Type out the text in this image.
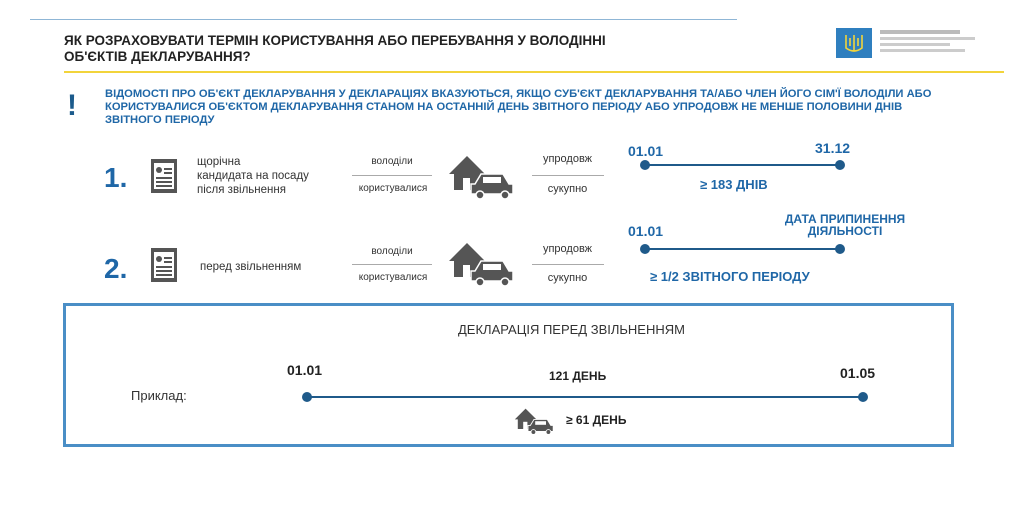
ЯК РОЗРАХОВУВАТИ ТЕРМІН КОРИСТУВАННЯ АБО ПЕРЕБУВАННЯ У ВОЛОДІННІ
ОБ'ЄКТІВ ДЕКЛАРУВАННЯ?
!	ВІДОМОСТІ ПРО ОБ'ЄКТ ДЕКЛАРУВАННЯ У ДЕКЛАРАЦІЯХ ВКАЗУЮТЬСЯ, ЯКЩО СУБ'ЄКТ ДЕКЛАРУВАННЯ ТА/АБО ЧЛЕН ЙОГО СІМ'Ї ВОЛОДІЛИ АБО КОРИСТУВАЛИСЯ ОБ'ЄКТОМ ДЕКЛАРУВАННЯ СТАНОМ НА ОСТАННІЙ ДЕНЬ ЗВІТНОГО ПЕРІОДУ АБО УПРОДОВЖ НЕ МЕНШЕ ПОЛОВИНИ ДНІВ ЗВІТНОГО ПЕРІОДУ
1.	щорічна
кандидата на посаду
після звільнення
володіли
користувалися
упродовж
сукупно
01.01	31.12
≥ 183 ДНІВ
2.	перед звільненням
володіли
користувалися
упродовж
сукупно
01.01
ДАТА ПРИПИНЕННЯ
ДІЯЛЬНОСТІ
≥ 1/2 ЗВІТНОГО ПЕРІОДУ
ДЕКЛАРАЦІЯ ПЕРЕД ЗВІЛЬНЕННЯМ
Приклад:
01.01	01.05
121 ДЕНЬ
≥ 61 ДЕНЬ
